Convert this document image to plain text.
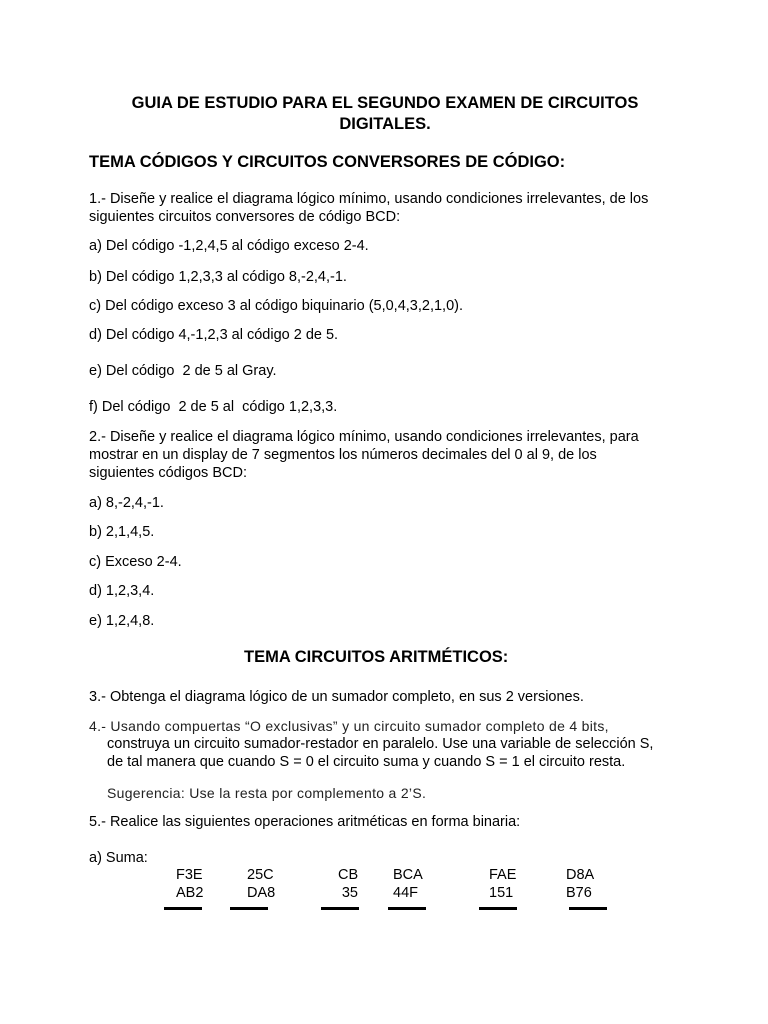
GUIA DE ESTUDIO PARA EL SEGUNDO EXAMEN DE CIRCUITOS
DIGITALES.
TEMA CÓDIGOS Y CIRCUITOS CONVERSORES DE CÓDIGO:
1.- Diseñe y realice el diagrama lógico mínimo, usando condiciones irrelevantes, de los
siguientes circuitos conversores de código BCD:
a) Del código -1,2,4,5 al código exceso 2-4.
b) Del código 1,2,3,3 al código 8,-2,4,-1.
c) Del código exceso 3 al código biquinario (5,0,4,3,2,1,0).
d) Del código 4,-1,2,3 al código 2 de 5.
e) Del código  2 de 5 al Gray.
f) Del código  2 de 5 al  código 1,2,3,3.
2.- Diseñe y realice el diagrama lógico mínimo, usando condiciones irrelevantes, para
mostrar en un display de 7 segmentos los números decimales del 0 al 9, de los
siguientes códigos BCD:
a) 8,-2,4,-1.
b) 2,1,4,5.
c) Exceso 2-4.
d) 1,2,3,4.
e) 1,2,4,8.
TEMA CIRCUITOS ARITMÉTICOS:
3.- Obtenga el diagrama lógico de un sumador completo, en sus 2 versiones.
4.- Usando compuertas “O exclusivas” y un circuito sumador completo de 4 bits,
construya un circuito sumador-restador en paralelo. Use una variable de selección S,
de tal manera que cuando S = 0 el circuito suma y cuando S = 1 el circuito resta.
Sugerencia: Use la resta por complemento a 2’S.
5.- Realice las siguientes operaciones aritméticas en forma binaria:
a) Suma:
F3E
AB2
25C
DA8
CB
35
BCA
44F
FAE
151
D8A
B76
